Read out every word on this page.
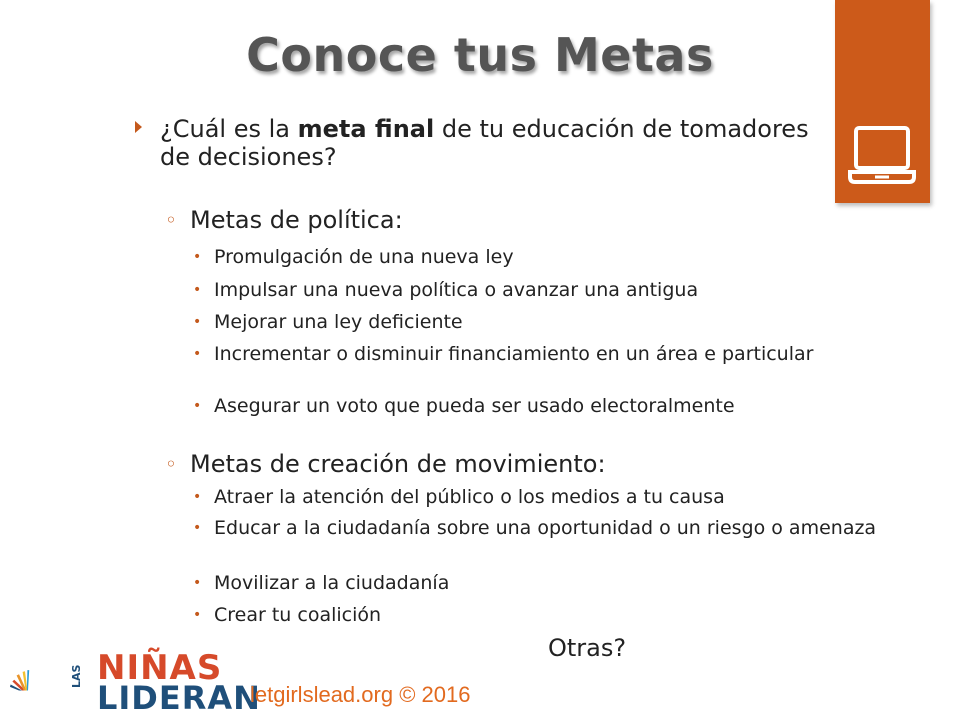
Conoce tus Metas
¿Cuál es la meta final de tu educación de tomadores de decisiones?
◦ Metas de política:
• Promulgación de una nueva ley
• Impulsar una nueva política o avanzar una antigua
• Mejorar una ley deficiente
• Incrementar o disminuir financiamiento en un área e particular
• Asegurar un voto que pueda ser usado electoralmente
◦ Metas de creación de movimiento:
• Atraer la atención del público o los medios a tu causa
• Educar a la ciudadanía sobre una oportunidad o un riesgo o amenaza
• Movilizar a la ciudadanía
• Crear tu coalición
Otras?
LAS NIÑAS
LIDERAN
letgirlslead.org © 2016
